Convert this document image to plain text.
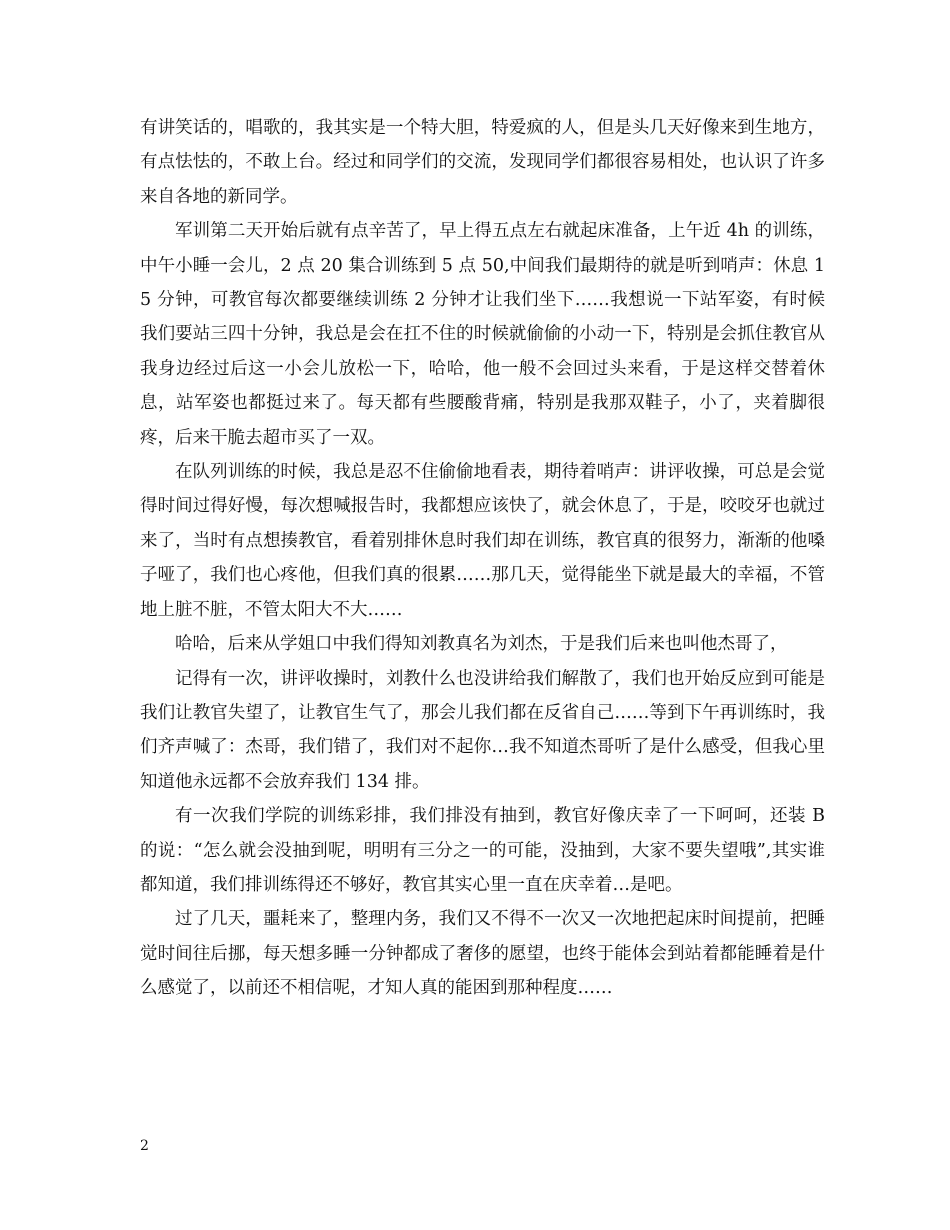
有讲笑话的，唱歌的，我其实是一个特大胆，特爱疯的人，但是头几天好像来到生地方，有点怯怯的，不敢上台。经过和同学们的交流，发现同学们都很容易相处，也认识了许多来自各地的新同学。

军训第二天开始后就有点辛苦了，早上得五点左右就起床准备，上午近 4h 的训练，中午小睡一会儿，2 点 20 集合训练到 5 点 50,中间我们最期待的就是听到哨声：休息 15 分钟，可教官每次都要继续训练 2 分钟才让我们坐下……我想说一下站军姿，有时候我们要站三四十分钟，我总是会在扛不住的时候就偷偷的小动一下，特别是会抓住教官从我身边经过后这一小会儿放松一下，哈哈，他一般不会回过头来看，于是这样交替着休息，站军姿也都挺过来了。每天都有些腰酸背痛，特别是我那双鞋子，小了，夹着脚很疼，后来干脆去超市买了一双。

在队列训练的时候，我总是忍不住偷偷地看表，期待着哨声：讲评收操，可总是会觉得时间过得好慢，每次想喊报告时，我都想应该快了，就会休息了，于是，咬咬牙也就过来了，当时有点想揍教官，看着别排休息时我们却在训练，教官真的很努力，渐渐的他嗓子哑了，我们也心疼他，但我们真的很累……那几天，觉得能坐下就是最大的幸福，不管地上脏不脏，不管太阳大不大……

哈哈，后来从学姐口中我们得知刘教真名为刘杰，于是我们后来也叫他杰哥了，

记得有一次，讲评收操时，刘教什么也没讲给我们解散了，我们也开始反应到可能是我们让教官失望了，让教官生气了，那会儿我们都在反省自己……等到下午再训练时，我们齐声喊了：杰哥，我们错了，我们对不起你…我不知道杰哥听了是什么感受，但我心里知道他永远都不会放弃我们 134 排。

有一次我们学院的训练彩排，我们排没有抽到，教官好像庆幸了一下呵呵，还装 B 的说：“怎么就会没抽到呢，明明有三分之一的可能，没抽到，大家不要失望哦”,其实谁都知道，我们排训练得还不够好，教官其实心里一直在庆幸着…是吧。

过了几天，噩耗来了，整理内务，我们又不得不一次又一次地把起床时间提前，把睡觉时间往后挪，每天想多睡一分钟都成了奢侈的愿望，也终于能体会到站着都能睡着是什么感觉了，以前还不相信呢，才知人真的能困到那种程度……

2
